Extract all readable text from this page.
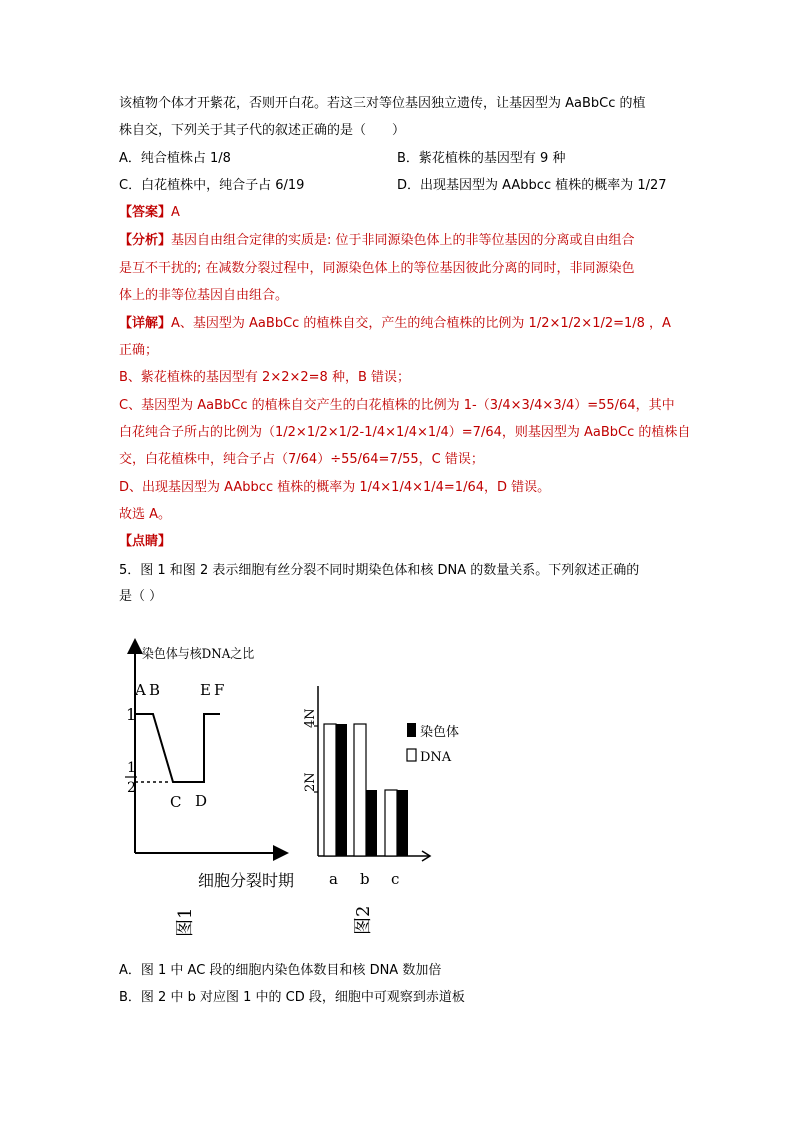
该植物个体才开紫花，否则开白花。若这三对等位基因独立遗传，让基因型为 AaBbCc 的植
株自交，下列关于其子代的叙述正确的是（　　）
A．纯合植株占 1/8	B．紫花植株的基因型有 9 种
C．白花植株中，纯合子占 6/19	D．出现基因型为 AAbbcc 植株的概率为 1/27
【答案】A
【分析】基因自由组合定律的实质是: 位于非同源染色体上的非等位基因的分离或自由组合
是互不干扰的; 在减数分裂过程中，同源染色体上的等位基因彼此分离的同时，非同源染色
体上的非等位基因自由组合。
【详解】A、基因型为 AaBbCc 的植株自交，产生的纯合植株的比例为 1/2×1/2×1/2=1/8 ，A
正确；
B、紫花植株的基因型有 2×2×2=8 种，B 错误；
C、基因型为 AaBbCc 的植株自交产生的白花植株的比例为 1-（3/4×3/4×3/4）=55/64，其中
白花纯合子所占的比例为（1/2×1/2×1/2-1/4×1/4×1/4）=7/64，则基因型为 AaBbCc 的植株自
交，白花植株中，纯合子占（7/64）÷55/64=7/55，C 错误；
D、出现基因型为 AAbbcc 植株的概率为 1/4×1/4×1/4=1/64，D 错误。
故选 A。
【点睛】
5．图 1 和图 2 表示细胞有丝分裂不同时期染色体和核 DNA 的数量关系。下列叙述正确的
是（ ）
染色体与核DNA之比
细胞分裂时期
1
1
2
A B
C D
E F
图1
4N
2N
染色体
DNA
a b c
图2
A．图 1 中 AC 段的细胞内染色体数目和核 DNA 数加倍
B．图 2 中 b 对应图 1 中的 CD 段，细胞中可观察到赤道板
